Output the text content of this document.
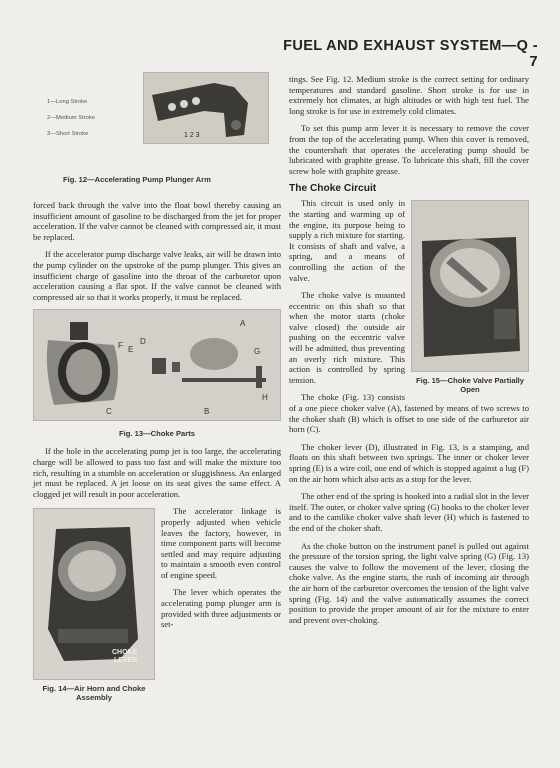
FUEL AND EXHAUST SYSTEM—Q - 7
1—Long Stroke
2—Medium Stroke
3—Short Stroke	1 2 3
Fig. 12—Accelerating Pump Plunger Arm

forced back through the valve into the float bowl thereby causing an insufficient amount of gasoline to be discharged from the jet for proper acceleration. If the valve cannot be cleaned with compressed air, it must be replaced.

If the accelerator pump discharge valve leaks, air will be drawn into the pump cylinder on the upstroke of the pump plunger. This gives an insufficient charge of gasoline into the throat of the carburetor upon acceleration causing a flat spot. If the valve cannot be cleaned with compressed air so that it works properly, it must be replaced.

A
B
C
D
E
F
G
H
Fig. 13—Choke Parts

If the hole in the accelerating pump jet is too large, the accelerating charge will be allowed to pass too fast and will make the mixture too rich, resulting in a stumble on acceleration or sluggishness. An enlarged jet must be replaced. A jet loose on its seat gives the same effect. A clogged jet will result in poor acceleration.

CHOKE
LEVER
Fig. 14—Air Horn and Choke Assembly

The accelerator linkage is properly adjusted when vehicle leaves the factory, however, in time component parts will become settled and may require adjusting to maintain a smooth even control of engine speed.

The lever which operates the accelerating pump plunger arm is provided with three adjustments or set-

tings. See Fig. 12. Medium stroke is the correct setting for ordinary temperatures and standard gasoline. Short stroke is for use in extremely hot climates, at high altitudes or with high test fuel. The long stroke is for use in extremely cold climates.

To set this pump arm lever it is necessary to remove the cover from the top of the accelerating pump. When this cover is removed, the countershaft that operates the accelerating pump should be lubricated with graphite grease. To lubricate this shaft, fill the cover screw hole with graphite grease.

The Choke Circuit
Fig. 15—Choke Valve Partially Open

This circuit is used only in the starting and warming up of the engine, its purpose being to supply a rich mixture for starting. It consists of shaft and valve, a spring, and a means of controlling the action of the valve.

The choke valve is mounted eccentric on this shaft so that when the motor starts (choke valve closed) the outside air pushing on the eccentric valve will be admitted, thus preventing an overly rich mixture. This action is controlled by spring tension.

The choke (Fig. 13) consists of a one piece choker valve (A), fastened by means of two screws to the choker shaft (B) which is offset to one side of the carburetor air horn (C).

The choker lever (D), illustrated in Fig. 13, is a stamping, and floats on this shaft between two springs. The inner or choker lever spring (E) is a wire coil, one end of which is stopped against a lug (F) on the air horn which also acts as a stop for the lever.

The other end of the spring is hooked into a radial slot in the lever itself. The outer, or choker valve spring (G) hooks to the choker lever and to the camlike choker valve shaft lever (H) which is fastened to the end of the choker shaft.

As the choke button on the instrument panel is pulled out against the pressure of the torsion spring, the light valve spring (G) (Fig. 13) causes the valve to follow the movement of the lever, closing the choke valve. As the engine starts, the rush of incoming air through the air horn of the carburetor overcomes the tension of the light valve spring (Fig. 14) and the valve automatically assumes the correct position to provide the proper amount of air for the mixture to enter and prevent over-choking.
